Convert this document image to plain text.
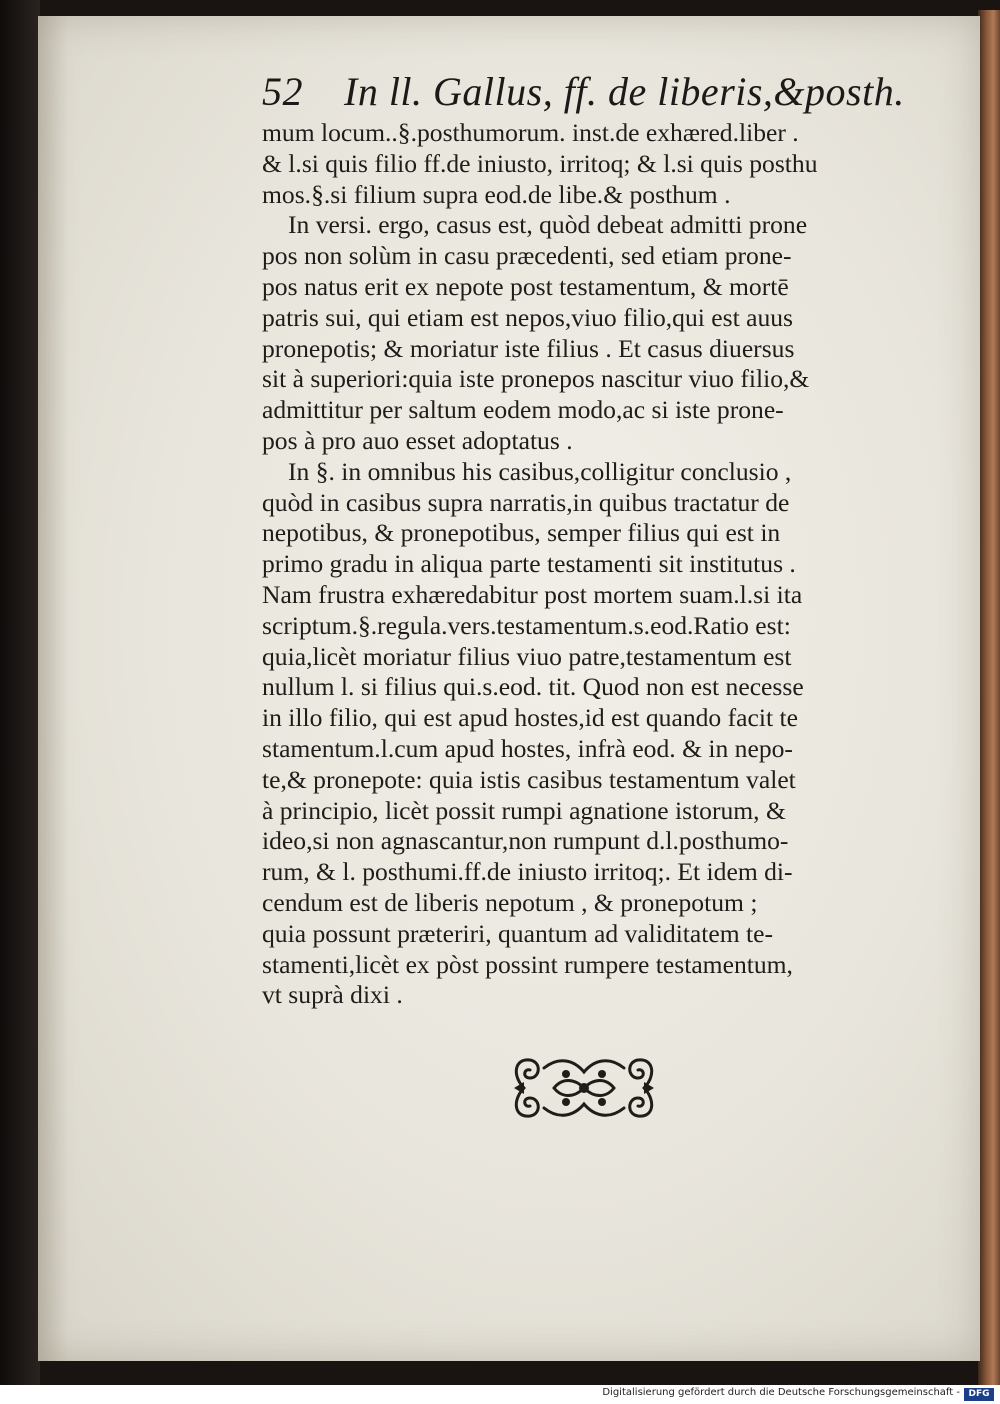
52 In ll. Gallus, ff. de liberis,&posth.
mum locum..§.posthumorum. inst.de exhæred.liber .
& l.si quis filio ff.de iniusto, irritoq; & l.si quis posthu
mos.§.si filium supra eod.de libe.& posthum .
In versi. ergo, casus est, quòd debeat admitti prone
pos non solùm in casu præcedenti, sed etiam prone-
pos natus erit ex nepote post testamentum, & mortē
patris sui, qui etiam est nepos,viuo filio,qui est auus
pronepotis; & moriatur iste filius . Et casus diuersus
sit à superiori:quia iste pronepos nascitur viuo filio,&
admittitur per saltum eodem modo,ac si iste prone-
pos à pro auo esset adoptatus .
In §. in omnibus his casibus,colligitur conclusio ,
quòd in casibus supra narratis,in quibus tractatur de
nepotibus, & pronepotibus, semper filius qui est in
primo gradu in aliqua parte testamenti sit institutus .
Nam frustra exhæredabitur post mortem suam.l.si ita
scriptum.§.regula.vers.testamentum.s.eod.Ratio est:
quia,licèt moriatur filius viuo patre,testamentum est
nullum l. si filius qui.s.eod. tit. Quod non est necesse
in illo filio, qui est apud hostes,id est quando facit te
stamentum.l.cum apud hostes, infrà eod. & in nepo-
te,& pronepote: quia istis casibus testamentum valet
à principio, licèt possit rumpi agnatione istorum, &
ideo,si non agnascantur,non rumpunt d.l.posthumo-
rum, & l. posthumi.ff.de iniusto irritoq;. Et idem di-
cendum est de liberis nepotum , & pronepotum ;
quia possunt præteriri, quantum ad validitatem te-
stamenti,licèt ex pòst possint rumpere testamentum,
vt suprà dixi .
Digitalisierung gefördert durch die Deutsche Forschungsgemeinschaft - DFG
